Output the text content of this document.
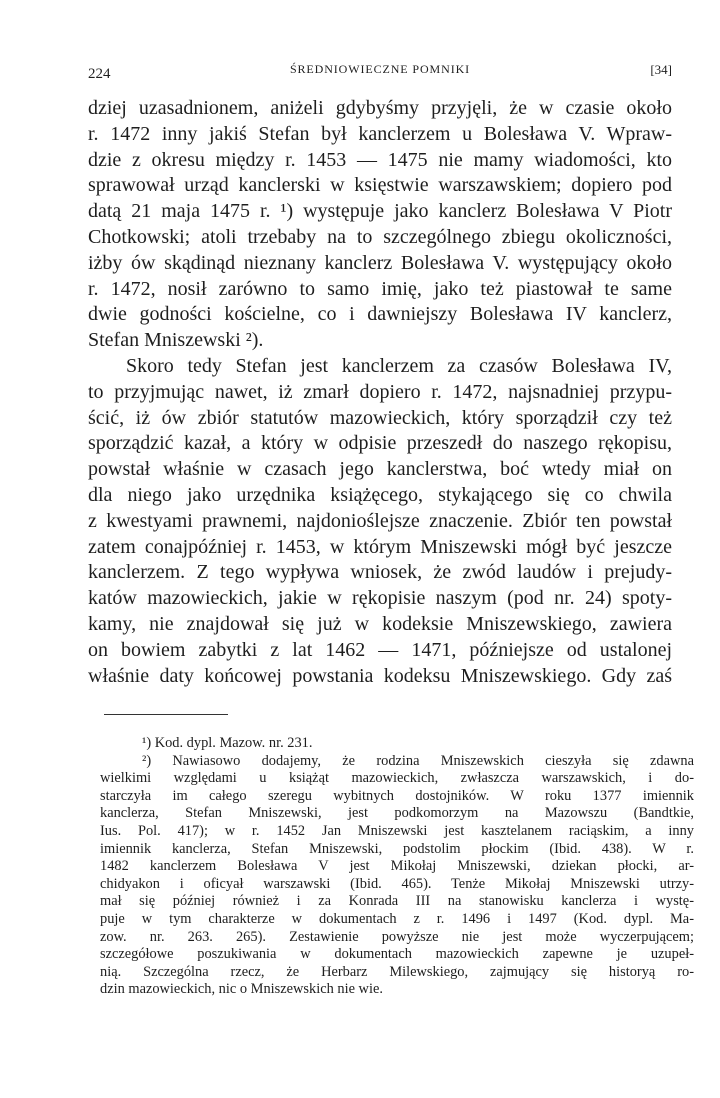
224	ŚREDNIOWIECZNE POMNIKI	[34]
dziej uzasadnionem, aniżeli gdybyśmy przyjęli, że w czasie około
r. 1472 inny jakiś Stefan był kanclerzem u Bolesława V. Wpraw-
dzie z okresu między r. 1453 — 1475 nie mamy wiadomości, kto
sprawował urząd kanclerski w księstwie warszawskiem; dopiero pod
datą 21 maja 1475 r. ¹) występuje jako kanclerz Bolesława V Piotr
Chotkowski; atoli trzebaby na to szczególnego zbiegu okoliczności,
iżby ów skądinąd nieznany kanclerz Bolesława V. występujący około
r. 1472, nosił zarówno to samo imię, jako też piastował te same
dwie godności kościelne, co i dawniejszy Bolesława IV kanclerz,
Stefan Mniszewski ²).
Skoro tedy Stefan jest kanclerzem za czasów Bolesława IV,
to przyjmując nawet, iż zmarł dopiero r. 1472, najsnadniej przypu-
ścić, iż ów zbiór statutów mazowieckich, który sporządził czy też
sporządzić kazał, a który w odpisie przeszedł do naszego rękopisu,
powstał właśnie w czasach jego kanclerstwa, boć wtedy miał on
dla niego jako urzędnika książęcego, stykającego się co chwila
z kwestyami prawnemi, najdonioślejsze znaczenie. Zbiór ten powstał
zatem conajpóźniej r. 1453, w którym Mniszewski mógł być jeszcze
kanclerzem. Z tego wypływa wniosek, że zwód laudów i prejudy-
katów mazowieckich, jakie w rękopisie naszym (pod nr. 24) spoty-
kamy, nie znajdował się już w kodeksie Mniszewskiego, zawiera
on bowiem zabytki z lat 1462 — 1471, późniejsze od ustalonej
właśnie daty końcowej powstania kodeksu Mniszewskiego. Gdy zaś
¹) Kod. dypl. Mazow. nr. 231.
²) Nawiasowo dodajemy, że rodzina Mniszewskich cieszyła się zdawna
wielkimi względami u książąt mazowieckich, zwłaszcza warszawskich, i do-
starczyła im całego szeregu wybitnych dostojników. W roku 1377 imiennik
kanclerza, Stefan Mniszewski, jest podkomorzym na Mazowszu (Bandtkie,
Ius. Pol. 417); w r. 1452 Jan Mniszewski jest kasztelanem raciąskim, a inny
imiennik kanclerza, Stefan Mniszewski, podstolim płockim (Ibid. 438). W r.
1482 kanclerzem Bolesława V jest Mikołaj Mniszewski, dziekan płocki, ar-
chidyakon i oficyał warszawski (Ibid. 465). Tenże Mikołaj Mniszewski utrzy-
mał się później również i za Konrada III na stanowisku kanclerza i wystę-
puje w tym charakterze w dokumentach z r. 1496 i 1497 (Kod. dypl. Ma-
zow. nr. 263. 265). Zestawienie powyższe nie jest może wyczerpującem;
szczegółowe poszukiwania w dokumentach mazowieckich zapewne je uzupeł-
nią. Szczególna rzecz, że Herbarz Milewskiego, zajmujący się historyą ro-
dzin mazowieckich, nic o Mniszewskich nie wie.
